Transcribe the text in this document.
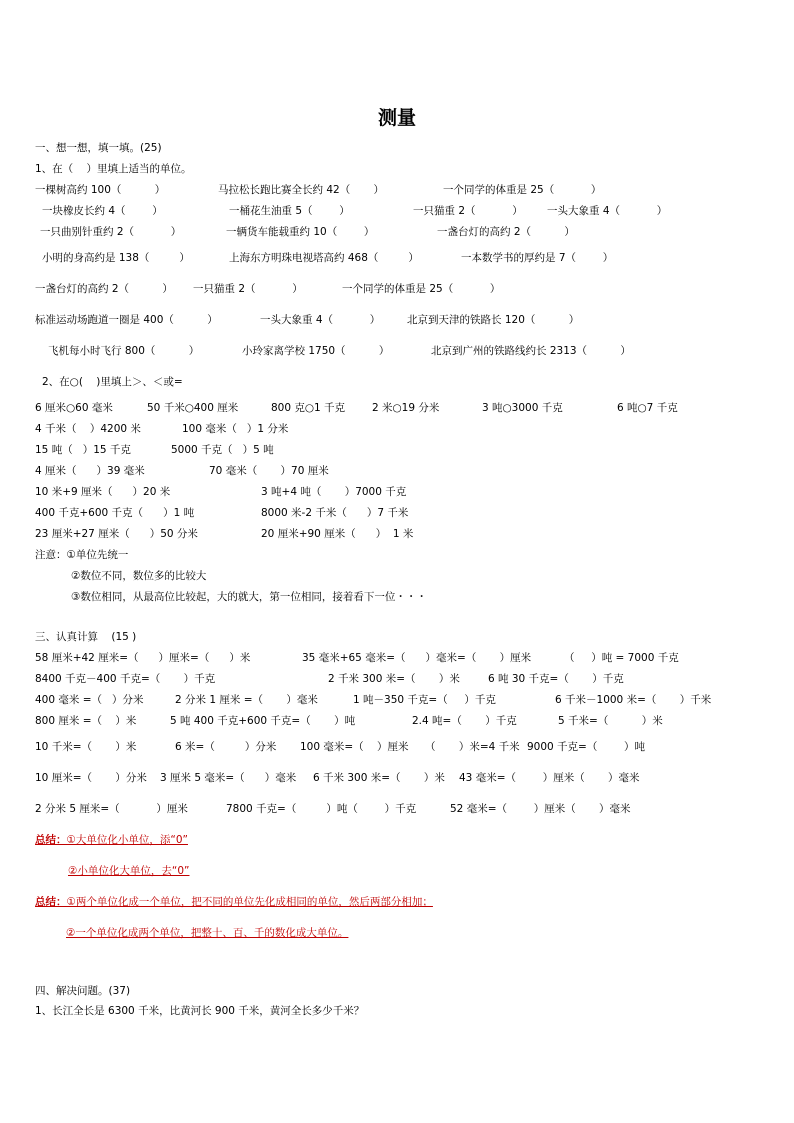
测量
一、想一想，填一填。(25)
1、在（    ）里填上适当的单位。
一棵树高约 100（          ）	马拉松长跑比赛全长约 42（       ）	一个同学的体重是 25（           ）
一块橡皮长约 4（        ）	一桶花生油重 5（        ）	一只猫重 2（           ） 一头大象重 4（           ）
一只曲别针重约 2（           ）	一辆货车能载重约 10（        ）	一盏台灯的高约 2（          ）
小明的身高约是 138（         ）	上海东方明珠电视塔高约 468（         ）	一本数学书的厚约是 7（        ）
一盏台灯的高约 2（          ） 一只猫重 2（           ）	一个同学的体重是 25（           ）
标准运动场跑道一圈是 400（          ）	一头大象重 4（           ）	北京到天津的铁路长 120（          ）
飞机每小时飞行 800（          ）	小玲家离学校 1750（          ）	北京到广州的铁路线约长 2313（          ）
2、在○(    )里填上＞、＜或=
6 厘米○60 毫米	50 千米○400 厘米	800 克○1 千克	2 米○19 分米	3 吨○3000 千克	6 吨○7 千克
4 千米（    ）4200 米	100 毫米（   ）1 分米
15 吨（   ）15 千克	5000 千克（   ）5 吨
4 厘米（      ）39 毫米	70 毫米（       ）70 厘米
10 米+9 厘米（      ）20 米	3 吨+4 吨（       ）7000 千克
400 千克+600 千克（      ）1 吨	8000 米-2 千米（      ）7 千米
23 厘米+27 厘米（      ）50 分米	20 厘米+90 厘米（      ）  1 米
注意：①单位先统一
②数位不同，数位多的比较大
③数位相同，从最高位比较起，大的就大，第一位相同，接着看下一位・・・
三、认真计算    (15 )
58 厘米+42 厘米=（      ）厘米=（      ）米	35 毫米+65 毫米=（      ）毫米=（       ）厘米	（     ）吨 = 7000 千克
8400 千克－400 千克=（       ）千克	2 千米 300 米=（       ）米	6 吨 30 千克=（       ）千克
400 毫米 =（   ）分米	2 分米 1 厘米 =（       ）毫米	1 吨－350 千克=（     ）千克	6 千米－1000 米=（       ）千米
800 厘米 =（    ）米	5 吨 400 千克+600 千克=（       ）吨	2.4 吨=（       ）千克	5 千米=（          ）米
10 千米=（       ）米	6 米=（         ）分米 100 毫米=（    ）厘米 （       ）米=4 千米 9000 千克=（        ）吨
10 厘米=（       ）分米 3 厘米 5 毫米=（      ）毫米 6 千米 300 米=（       ）米 43 毫米=（        ）厘米（       ）毫米
2 分米 5 厘米=（           ）厘米	7800 千克=（         ）吨（        ）千克	52 毫米=（        ）厘米（       ）毫米
总结：①大单位化小单位，添“0”
②小单位化大单位，去“0”
总结：①两个单位化成一个单位，把不同的单位先化成相同的单位，然后两部分相加；
②一个单位化成两个单位，把整十、百、千的数化成大单位。
四、解决问题。(37)
1、长江全长是 6300 千米，比黄河长 900 千米，黄河全长多少千米？
